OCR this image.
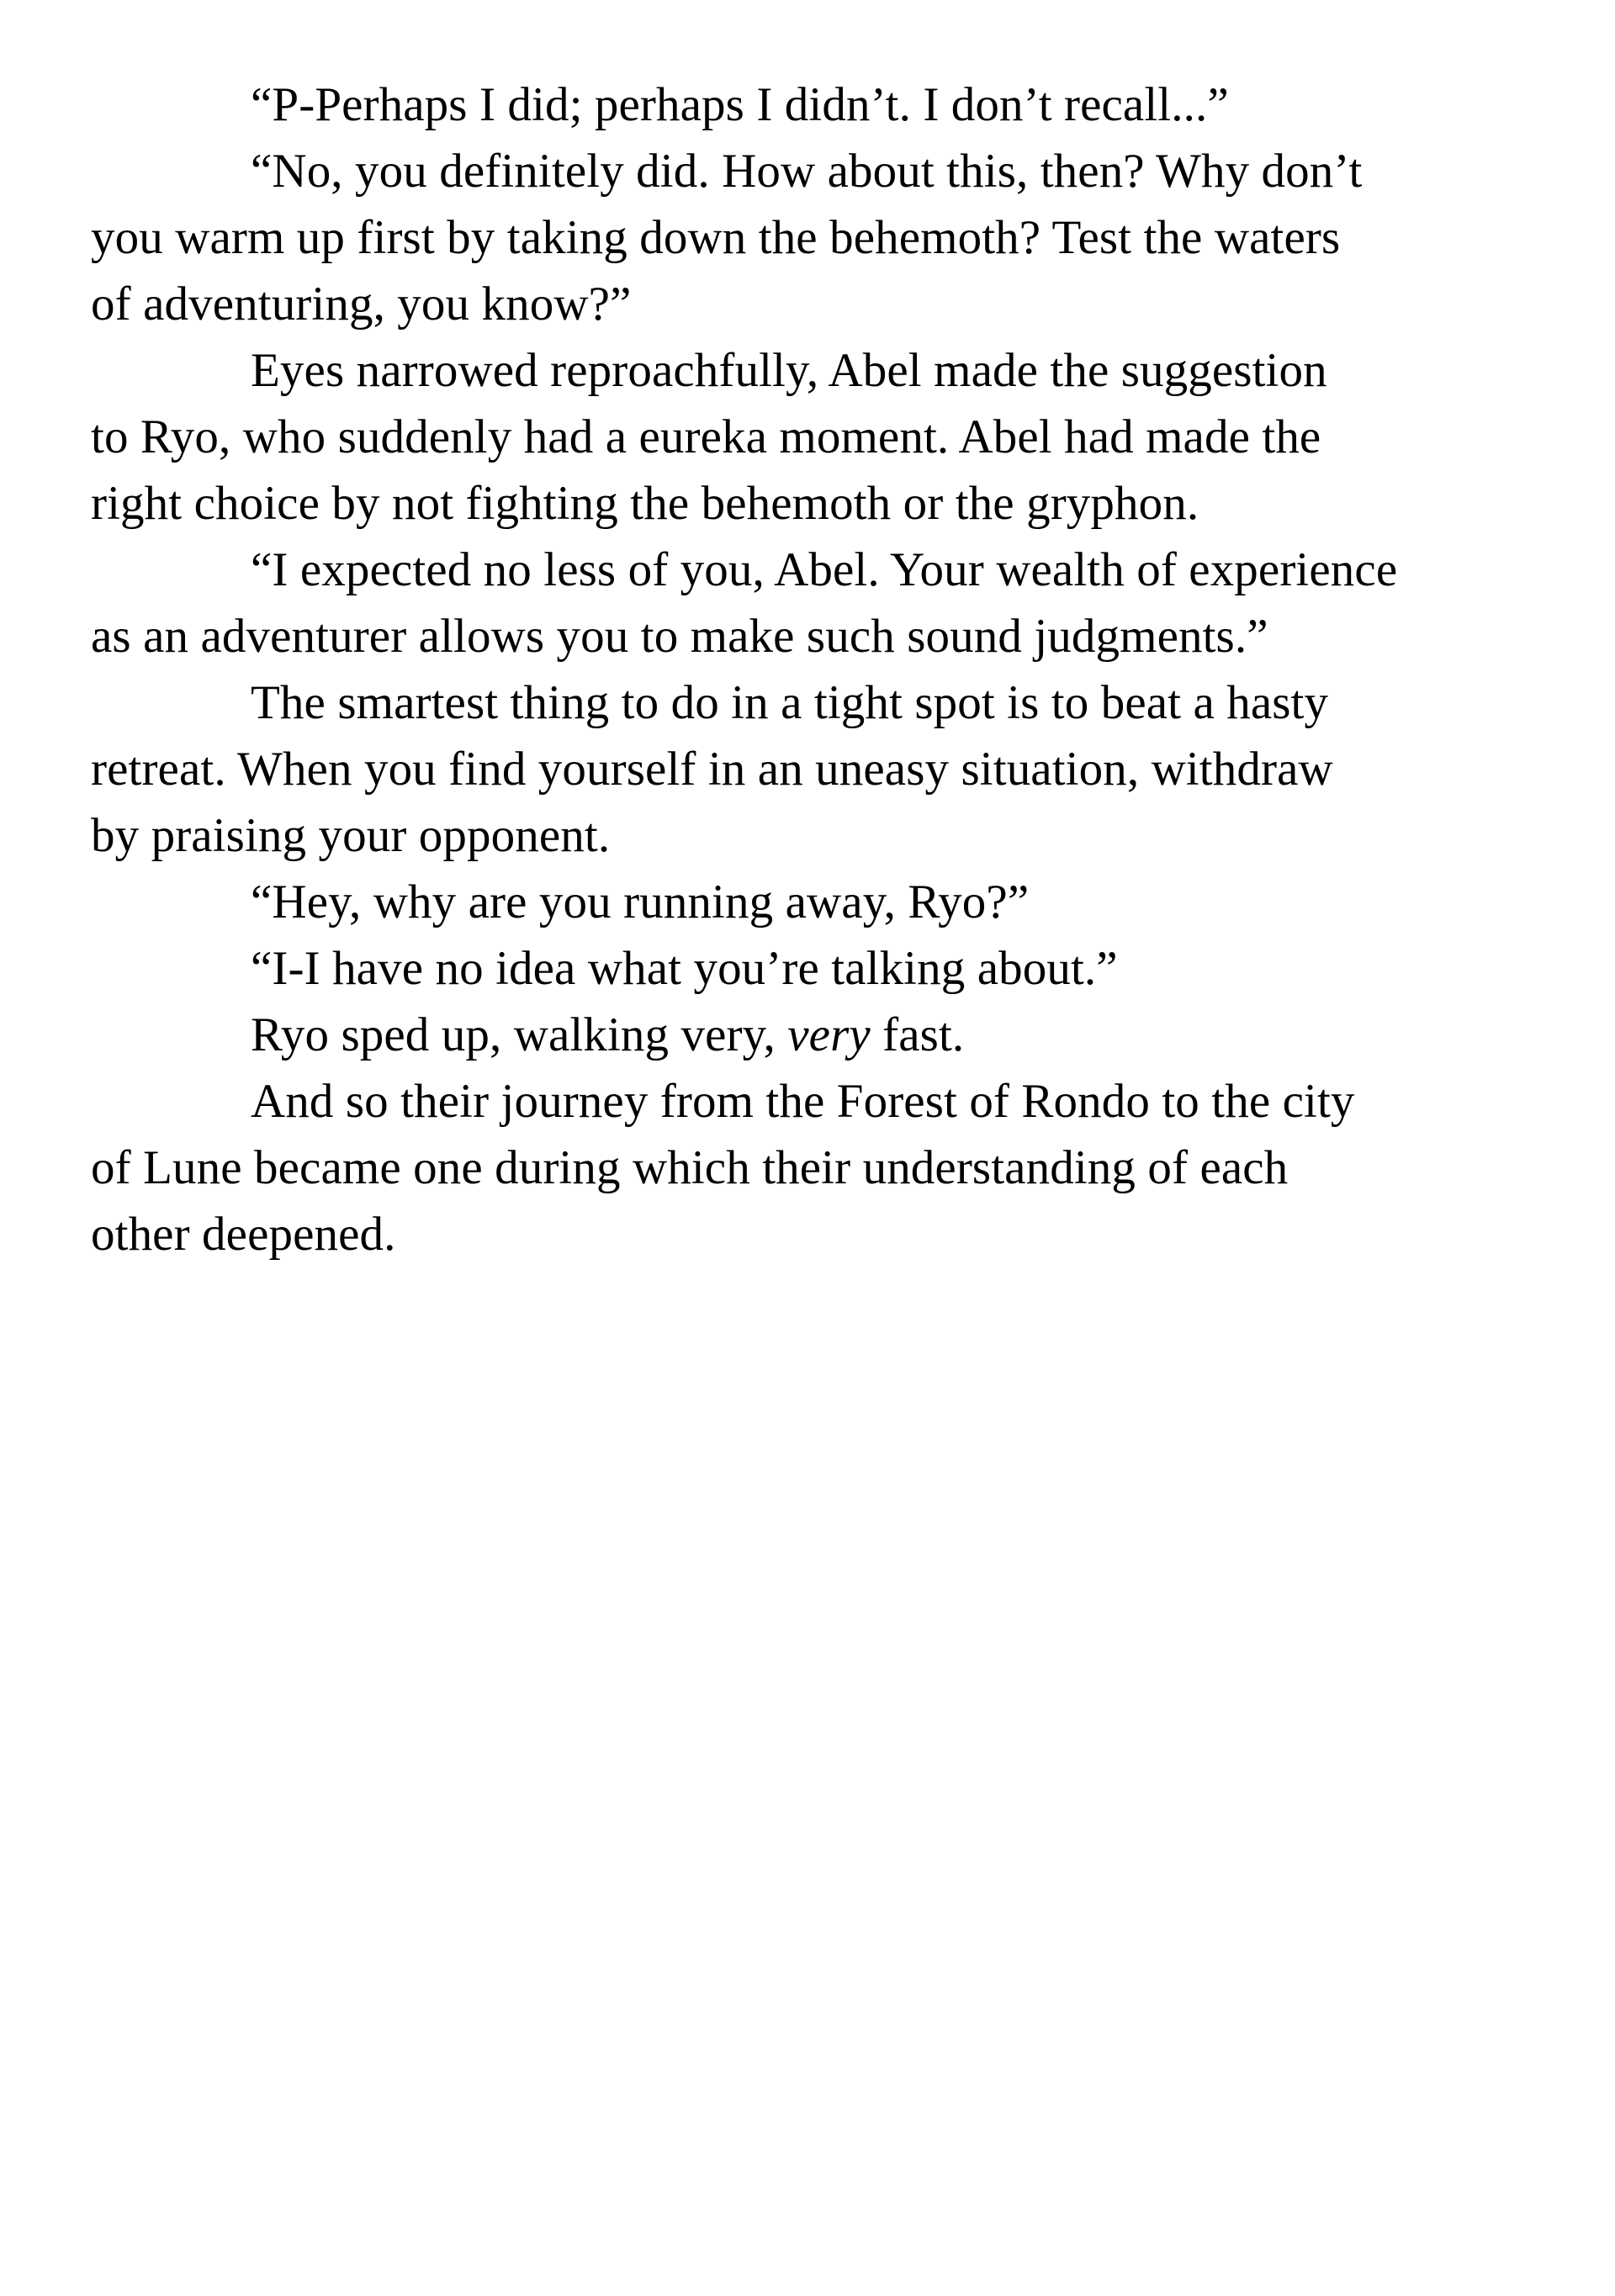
“P-Perhaps I did; perhaps I didn’t. I don’t recall...”
“No, you definitely did. How about this, then? Why don’t
you warm up first by taking down the behemoth? Test the waters
of adventuring, you know?”
Eyes narrowed reproachfully, Abel made the suggestion
to Ryo, who suddenly had a eureka moment. Abel had made the
right choice by not fighting the behemoth or the gryphon.
“I expected no less of you, Abel. Your wealth of experience
as an adventurer allows you to make such sound judgments.”
The smartest thing to do in a tight spot is to beat a hasty
retreat. When you find yourself in an uneasy situation, withdraw
by praising your opponent.
“Hey, why are you running away, Ryo?”
“I-I have no idea what you’re talking about.”
Ryo sped up, walking very, very fast.
And so their journey from the Forest of Rondo to the city
of Lune became one during which their understanding of each
other deepened.
